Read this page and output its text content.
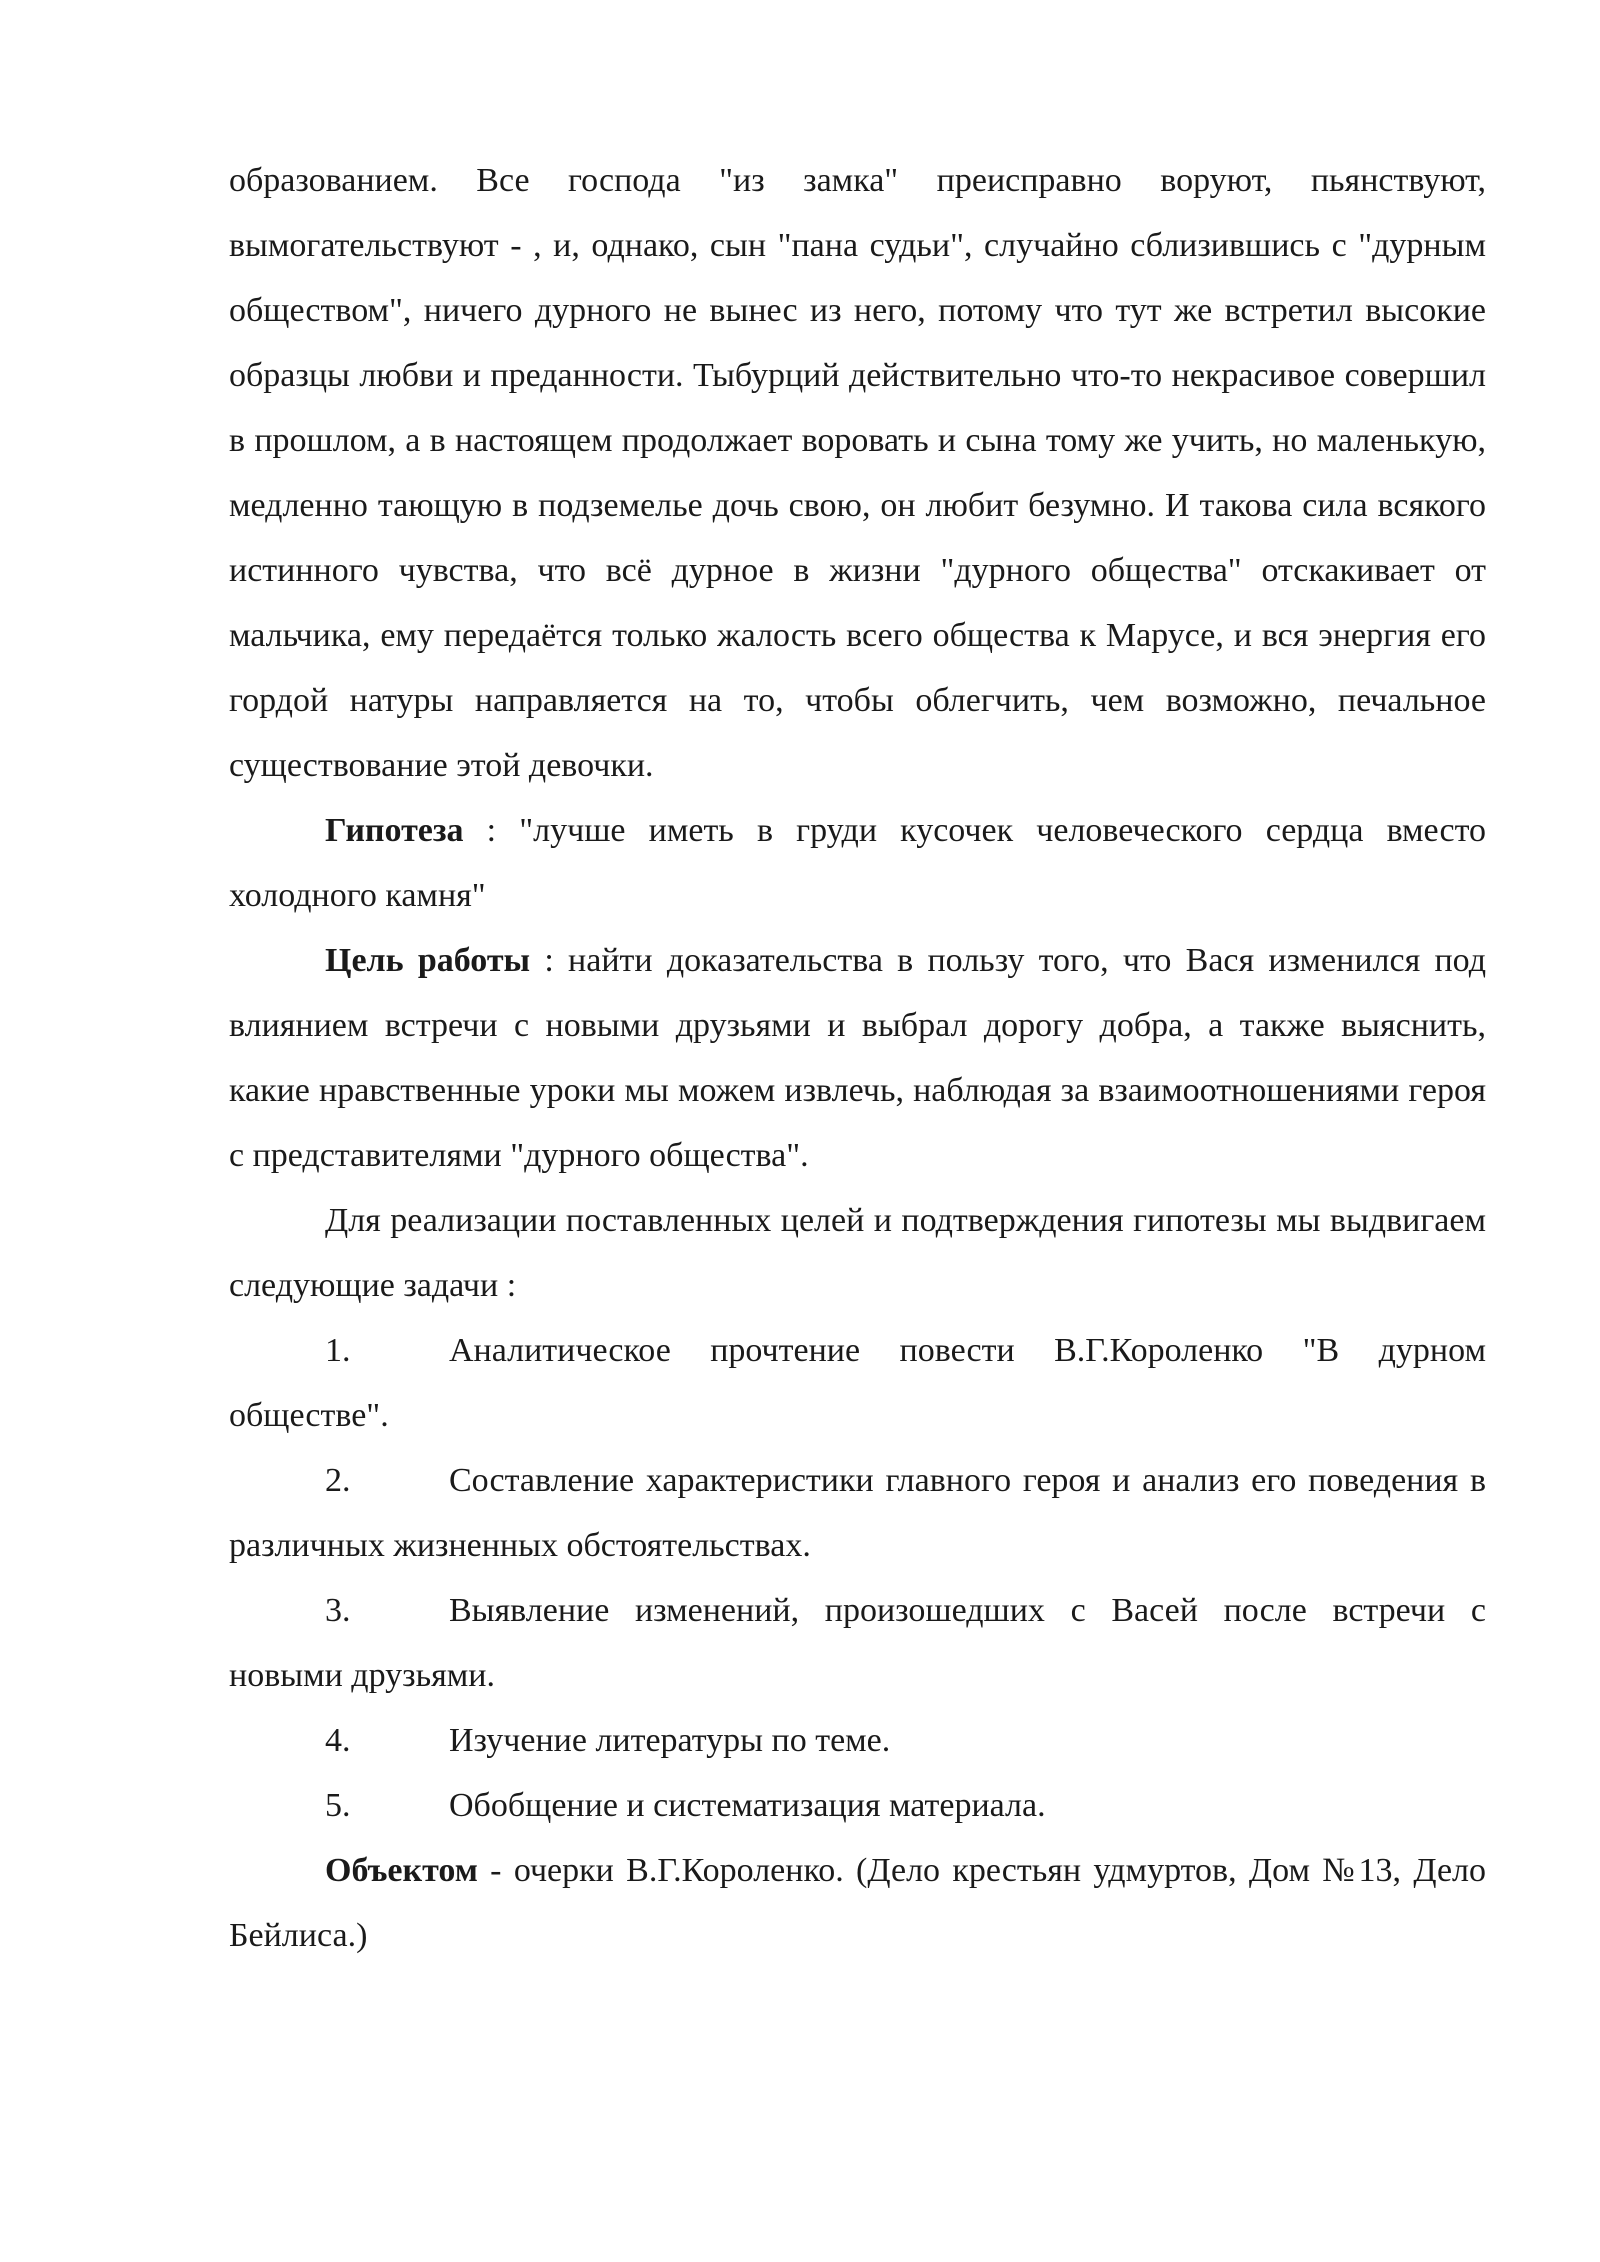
образованием. Все господа "из замка" преисправно воруют, пьянствуют, вымогательствуют - , и, однако, сын "пана судьи", случайно сблизившись с "дурным обществом", ничего дурного не вынес из него, потому что тут же встретил высокие образцы любви и преданности. Тыбурций действительно что-то некрасивое совершил в прошлом, а в настоящем продолжает воровать и сына тому же учить, но маленькую, медленно тающую в подземелье дочь свою, он любит безумно. И такова сила всякого истинного чувства, что всё дурное в жизни "дурного общества" отскакивает от мальчика, ему передаётся только жалость всего общества к Марусе, и вся энергия его гордой натуры направляется на то, чтобы облегчить, чем возможно, печальное существование этой девочки.

Гипотеза : "лучше иметь в груди кусочек человеческого сердца вместо холодного камня"

Цель работы : найти доказательства в пользу того, что Вася изменился под влиянием встречи с новыми друзьями и выбрал дорогу добра, а также выяснить, какие нравственные уроки мы можем извлечь, наблюдая за взаимоотношениями героя с представителями "дурного общества".

Для реализации поставленных целей и подтверждения гипотезы мы выдвигаем следующие задачи :

1.	Аналитическое прочтение повести В.Г.Короленко "В дурном обществе".

2.	Составление характеристики главного героя и анализ его поведения в различных жизненных обстоятельствах.

3.	Выявление изменений, произошедших с Васей после встречи с новыми друзьями.

4.	Изучение литературы по теме.

5.	Обобщение и систематизация материала.

Объектом - очерки В.Г.Короленко. (Дело крестьян удмуртов, Дом №13, Дело Бейлиса.)
